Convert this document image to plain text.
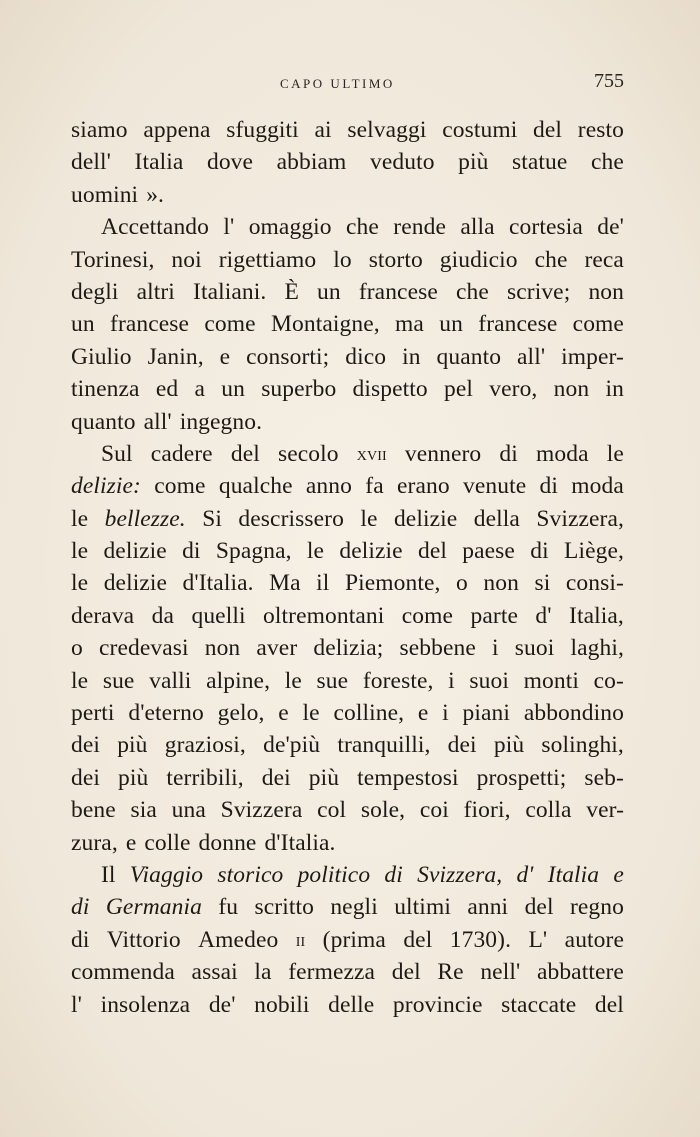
CAPO ULTIMO	755
siamo appena sfuggiti ai selvaggi costumi del resto
dell' Italia dove abbiam veduto più statue che
uomini ».
Accettando l' omaggio che rende alla cortesia de'
Torinesi, noi rigettiamo lo storto giudicio che reca
degli altri Italiani. È un francese che scrive; non
un francese come Montaigne, ma un francese come
Giulio Janin, e consorti; dico in quanto all' imper-
tinenza ed a un superbo dispetto pel vero, non in
quanto all' ingegno.
Sul cadere del secolo xvii vennero di moda le
delizie: come qualche anno fa erano venute di moda
le bellezze. Si descrissero le delizie della Svizzera,
le delizie di Spagna, le delizie del paese di Liège,
le delizie d'Italia. Ma il Piemonte, o non si consi-
derava da quelli oltremontani come parte d' Italia,
o credevasi non aver delizia; sebbene i suoi laghi,
le sue valli alpine, le sue foreste, i suoi monti co-
perti d'eterno gelo, e le colline, e i piani abbondino
dei più graziosi, de'più tranquilli, dei più solinghi,
dei più terribili, dei più tempestosi prospetti; seb-
bene sia una Svizzera col sole, coi fiori, colla ver-
zura, e colle donne d'Italia.
Il Viaggio storico politico di Svizzera, d' Italia e
di Germania fu scritto negli ultimi anni del regno
di Vittorio Amedeo ii (prima del 1730). L' autore
commenda assai la fermezza del Re nell' abbattere
l' insolenza de' nobili delle provincie staccate del
